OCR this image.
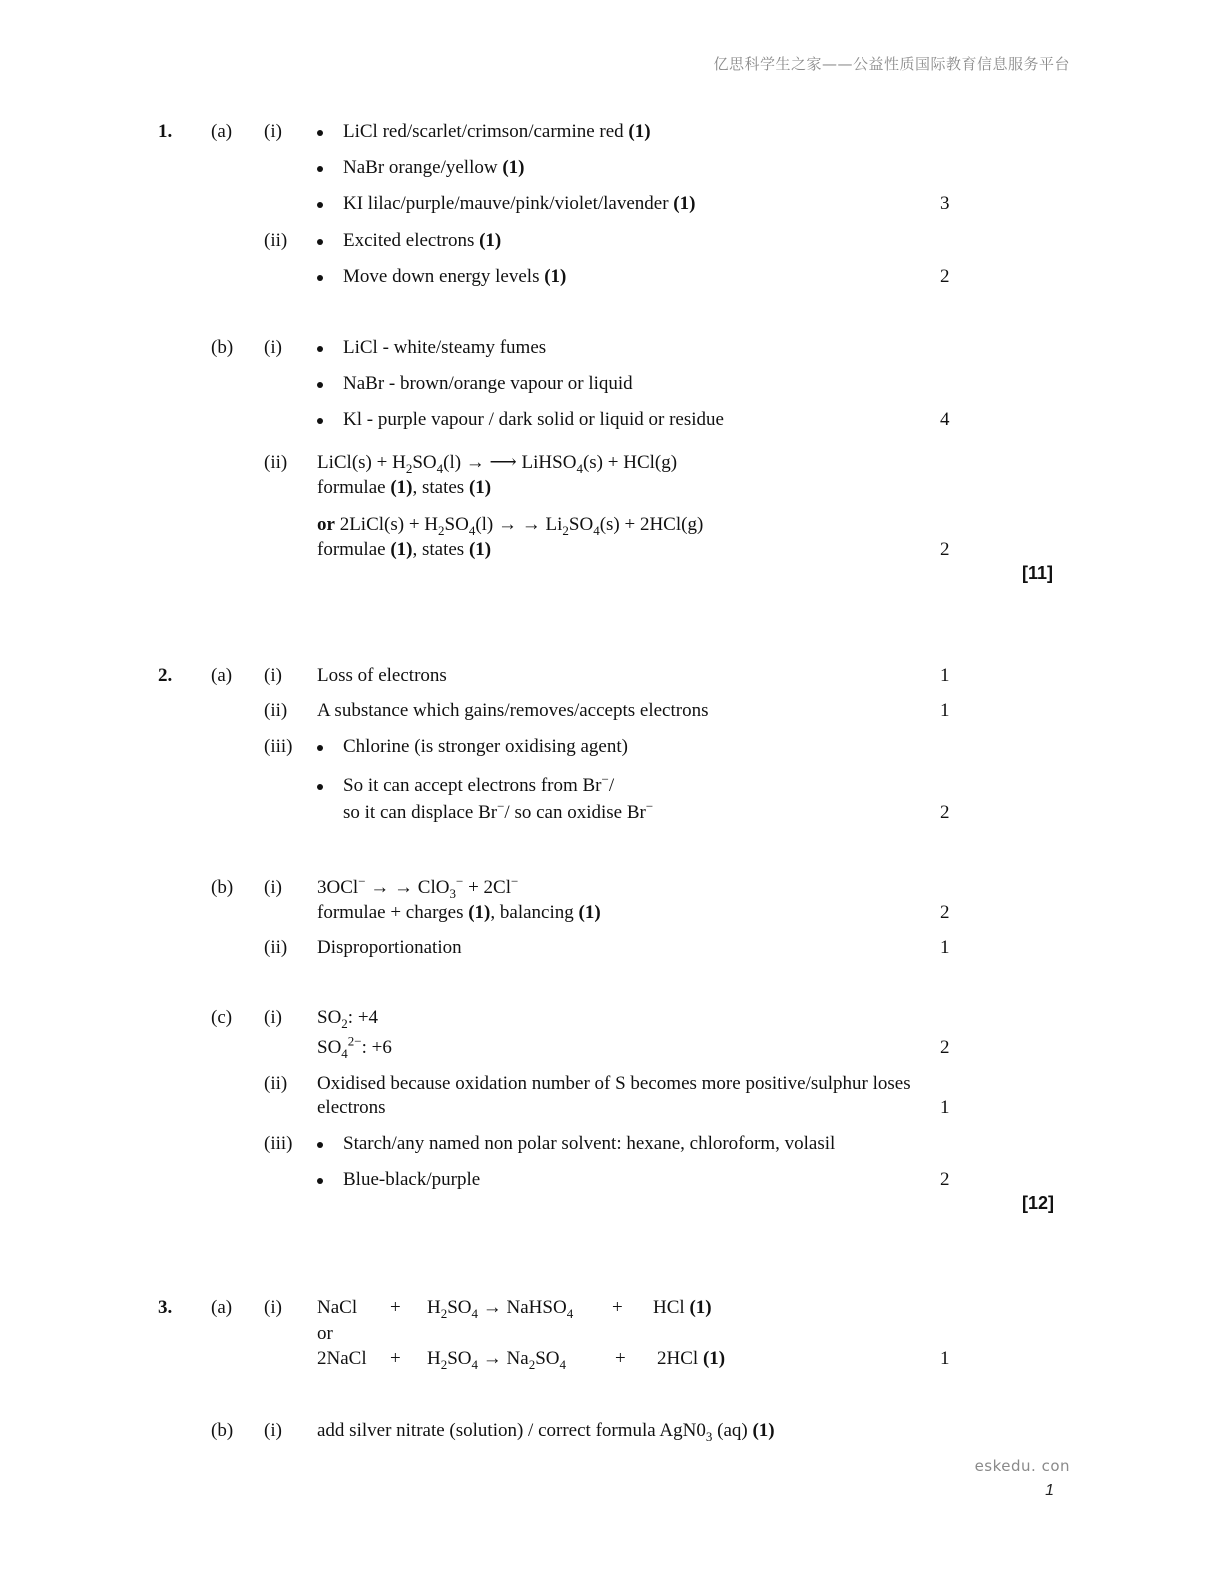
亿思科学生之家——公益性质国际教育信息服务平台
1. (a) (i)	LiCl red/scarlet/crimson/carmine red (1)
NaBr orange/yellow (1)
KI lilac/purple/mauve/pink/violet/lavender (1)	3
(ii)	Excited electrons (1)
Move down energy levels (1)	2
(b) (i)	LiCl - white/steamy fumes
NaBr - brown/orange vapour or liquid
Kl - purple vapour / dark solid or liquid or residue	4
(ii) LiCl(s) + $H_2SO_4(l)$ → ⟶ LiHSO$_4$(s) + HCl(g)
formulae (1), states (1)
or 2LiCl(s) + $H_2SO_4(l)$ → → $Li_2SO_4(s) + 2HCl(g)$
formulae (1), states (1)	2
[11]
2. (a) (i) Loss of electrons	1
(ii) A substance which gains/removes/accepts electrons	1
(iii)	Chlorine (is stronger oxidising agent)
So it can accept electrons from Br−/
so it can displace Br−/ so can oxidise Br−	2
(b) (i) 3OCl− → → ClO$_3$− + 2Cl−
formulae + charges (1), balancing (1)	2
(ii) Disproportionation	1
(c) (i) $SO_2$: +4
$SO_4^{2-}$: +6	2
(ii) Oxidised because oxidation number of S becomes more positive/sulphur loses
electrons	1
(iii)	Starch/any named non polar solvent: hexane, chloroform, volasil
Blue-black/purple	2
[12]
3. (a) (i) NaCl + $H_2SO_4$ → NaHSO$_4$ + HCl (1)
or
2NaCl + $H_2SO_4 \to Na_2SO_4$	+ 2HCl (1)	1
(b) (i) add silver nitrate (solution) / correct formula $AgN0_3$ (aq) (1)
eskedu. con
1
